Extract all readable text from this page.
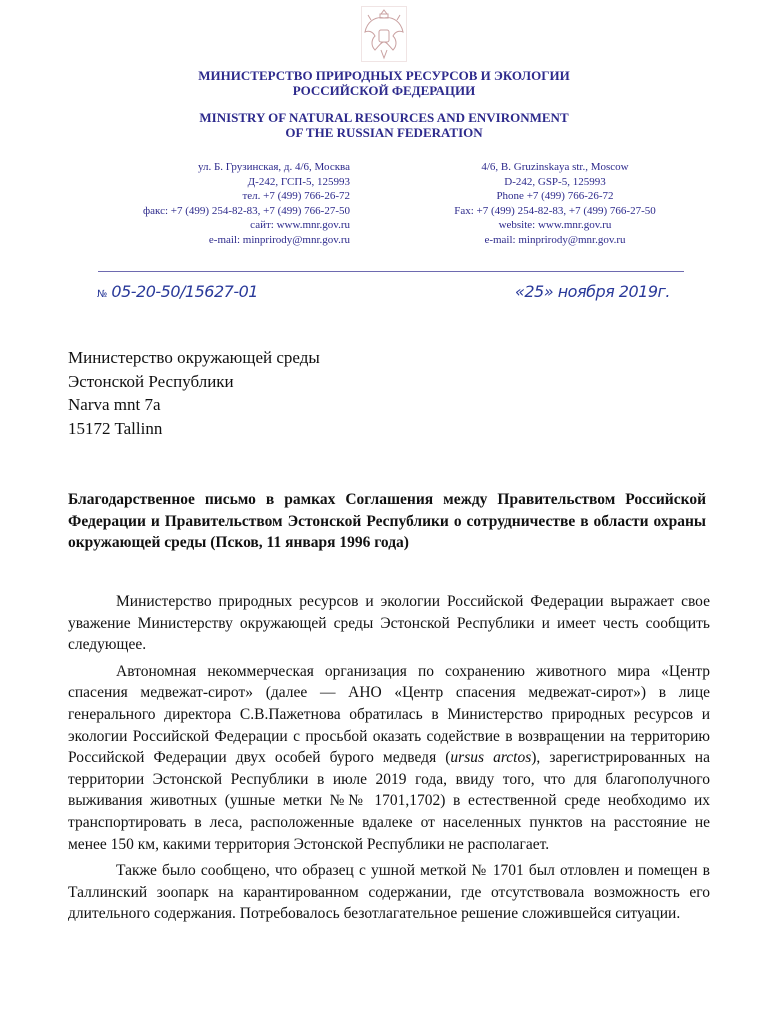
МИНИСТЕРСТВО ПРИРОДНЫХ РЕСУРСОВ И ЭКОЛОГИИ
РОССИЙСКОЙ ФЕДЕРАЦИИ
MINISTRY OF NATURAL RESOURCES AND ENVIRONMENT
OF THE RUSSIAN FEDERATION
ул. Б. Грузинская, д. 4/6, Москва
Д-242, ГСП-5, 125993
тел. +7 (499) 766-26-72
факс: +7 (499) 254-82-83, +7 (499) 766-27-50
сайт: www.mnr.gov.ru
e-mail: minprirody@mnr.gov.ru
4/6, B. Gruzinskaya str., Moscow
D-242, GSP-5, 125993
Phone +7 (499) 766-26-72
Fax: +7 (499) 254-82-83, +7 (499) 766-27-50
website: www.mnr.gov.ru
e-mail: minprirody@mnr.gov.ru
№ 05-20-50/15627-01	«25» ноября 2019г.
Министерство окружающей среды
Эстонской Республики
Narva mnt 7a
15172 Tallinn
Благодарственное письмо в рамках Соглашения между Правительством Российской Федерации и Правительством Эстонской Республики о сотрудничестве в области охраны окружающей среды (Псков, 11 января 1996 года)

Министерство природных ресурсов и экологии Российской Федерации выражает свое уважение Министерству окружающей среды Эстонской Республики и имеет честь сообщить следующее.

Автономная некоммерческая организация по сохранению животного мира «Центр спасения медвежат-сирот» (далее — АНО «Центр спасения медвежат-сирот») в лице генерального директора С.В.Пажетнова обратилась в Министерство природных ресурсов и экологии Российской Федерации с просьбой оказать содействие в возвращении на территорию Российской Федерации двух особей бурого медведя (ursus arctos), зарегистрированных на территории Эстонской Республики в июле 2019 года, ввиду того, что для благополучного выживания животных (ушные метки №№ 1701,1702) в естественной среде необходимо их транспортировать в леса, расположенные вдалеке от населенных пунктов на расстояние не менее 150 км, какими территория Эстонской Республики не располагает.

Также было сообщено, что образец с ушной меткой № 1701 был отловлен и помещен в Таллинский зоопарк на карантированном содержании, где отсутствовала возможность его длительного содержания. Потребовалось безотлагательное решение сложившейся ситуации.
